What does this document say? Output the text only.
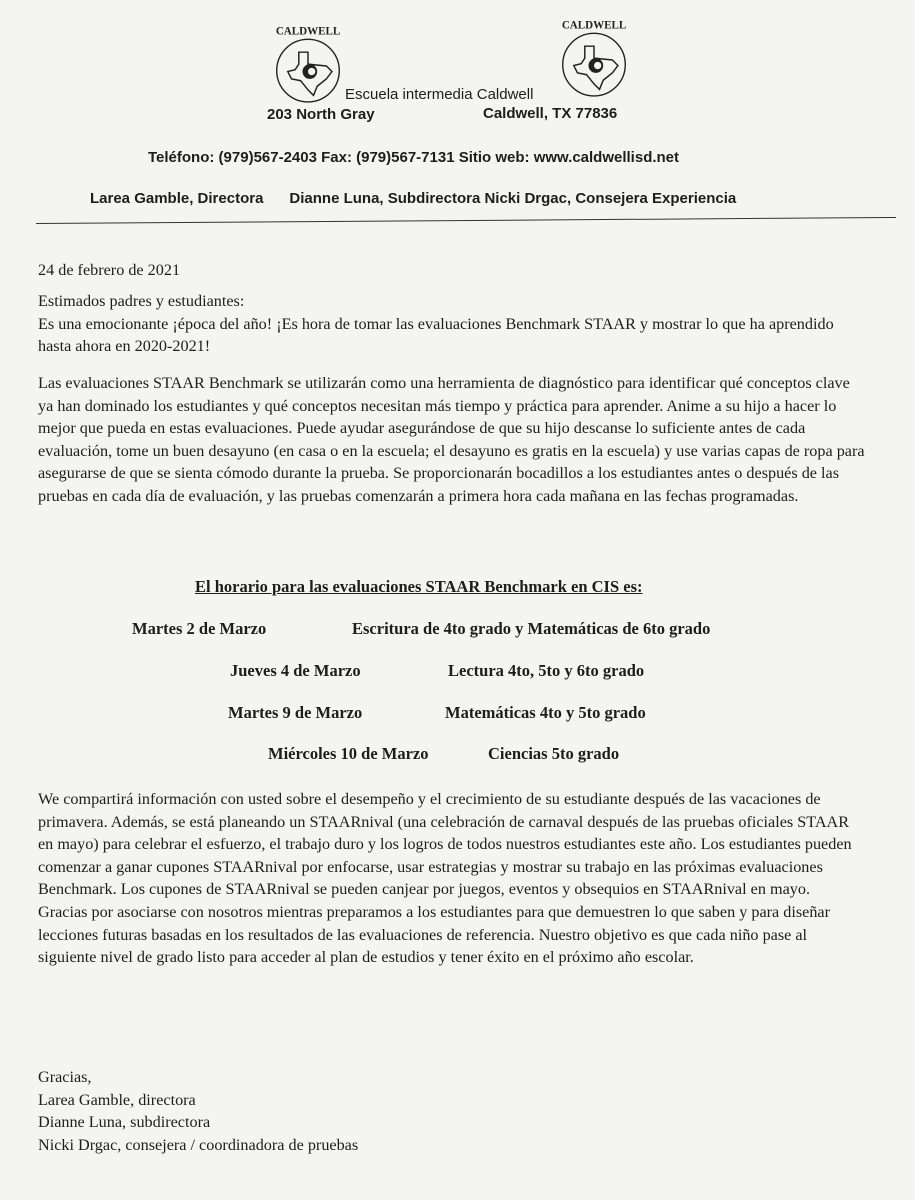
CALDWELL	CALDWELL
Escuela intermedia Caldwell
203 North Gray	Caldwell, TX 77836
Teléfono: (979)567-2403 Fax: (979)567-7131 Sitio web: www.caldwellisd.net
Larea Gamble, Directora Dianne Luna, Subdirectora Nicki Drgac, Consejera Experiencia
24 de febrero de 2021

Estimados padres y estudiantes:

Es una emocionante ¡época del año! ¡Es hora de tomar las evaluaciones Benchmark STAAR y mostrar lo que ha aprendido hasta ahora en 2020-2021!

Las evaluaciones STAAR Benchmark se utilizarán como una herramienta de diagnóstico para identificar qué conceptos clave ya han dominado los estudiantes y qué conceptos necesitan más tiempo y práctica para aprender. Anime a su hijo a hacer lo mejor que pueda en estas evaluaciones. Puede ayudar asegurándose de que su hijo descanse lo suficiente antes de cada evaluación, tome un buen desayuno (en casa o en la escuela; el desayuno es gratis en la escuela) y use varias capas de ropa para asegurarse de que se sienta cómodo durante la prueba. Se proporcionarán bocadillos a los estudiantes antes o después de las pruebas en cada día de evaluación, y las pruebas comenzarán a primera hora cada mañana en las fechas programadas.

El horario para las evaluaciones STAAR Benchmark en CIS es:
Martes 2 de Marzo	Escritura de 4to grado y Matemáticas de 6to grado
Jueves 4 de Marzo	Lectura 4to, 5to y 6to grado
Martes 9 de Marzo	Matemáticas 4to y 5to grado
Miércoles 10 de Marzo	Ciencias 5to grado

We compartirá información con usted sobre el desempeño y el crecimiento de su estudiante después de las vacaciones de primavera. Además, se está planeando un STAARnival (una celebración de carnaval después de las pruebas oficiales STAAR en mayo) para celebrar el esfuerzo, el trabajo duro y los logros de todos nuestros estudiantes este año. Los estudiantes pueden comenzar a ganar cupones STAARnival por enfocarse, usar estrategias y mostrar su trabajo en las próximas evaluaciones Benchmark. Los cupones de STAARnival se pueden canjear por juegos, eventos y obsequios en STAARnival en mayo.

Gracias por asociarse con nosotros mientras preparamos a los estudiantes para que demuestren lo que saben y para diseñar lecciones futuras basadas en los resultados de las evaluaciones de referencia. Nuestro objetivo es que cada niño pase al siguiente nivel de grado listo para acceder al plan de estudios y tener éxito en el próximo año escolar.

Gracias,

Larea Gamble, directora

Dianne Luna, subdirectora

Nicki Drgac, consejera / coordinadora de pruebas
